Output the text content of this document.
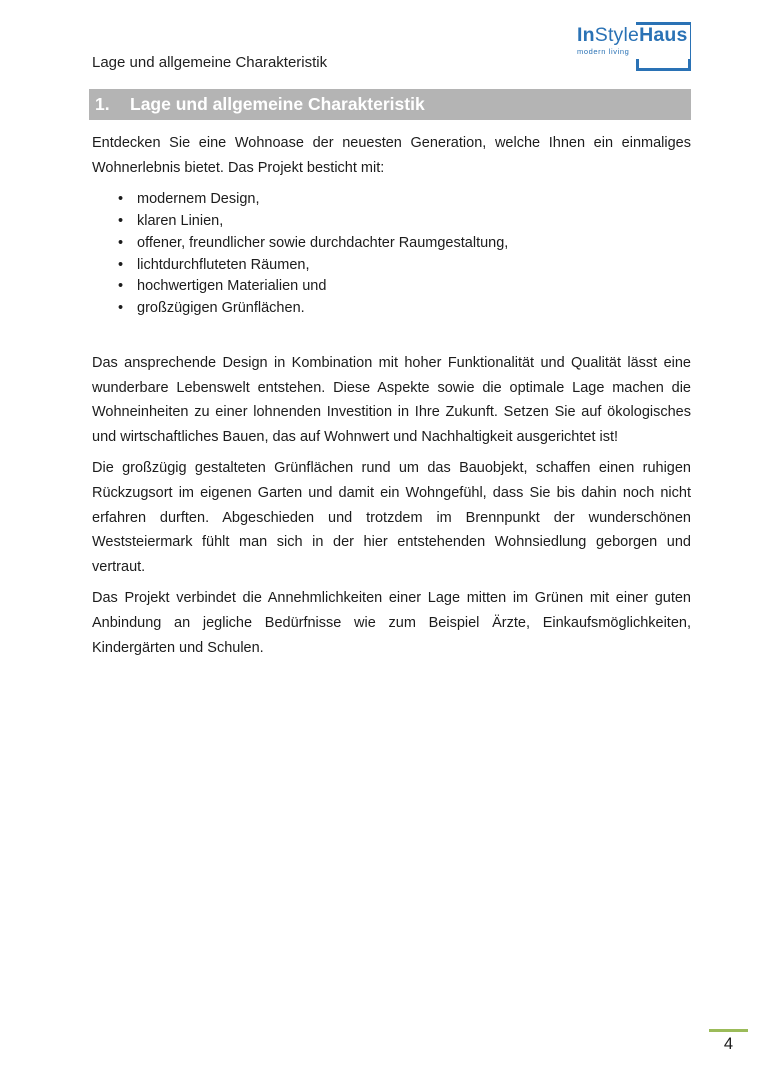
InStyleHaus
modern living
Lage und allgemeine Charakteristik
1.	Lage und allgemeine Charakteristik

Entdecken Sie eine Wohnoase der neuesten Generation, welche Ihnen ein einmaliges Wohnerlebnis bietet. Das Projekt besticht mit:

• modernem Design,
• klaren Linien,
• offener, freundlicher sowie durchdachter Raumgestaltung,
• lichtdurchfluteten Räumen,
• hochwertigen Materialien und
• großzügigen Grünflächen.

Das ansprechende Design in Kombination mit hoher Funktionalität und Qualität lässt eine wunderbare Lebenswelt entstehen. Diese Aspekte sowie die optimale Lage machen die Wohneinheiten zu einer lohnenden Investition in Ihre Zukunft. Setzen Sie auf ökologisches und wirtschaftliches Bauen, das auf Wohnwert und Nachhaltigkeit ausgerichtet ist!

Die großzügig gestalteten Grünflächen rund um das Bauobjekt, schaffen einen ruhigen Rückzugsort im eigenen Garten und damit ein Wohngefühl, dass Sie bis dahin noch nicht erfahren durften. Abgeschieden und trotzdem im Brennpunkt der wunderschönen Weststeiermark fühlt man sich in der hier entstehenden Wohnsiedlung geborgen und vertraut.

Das Projekt verbindet die Annehmlichkeiten einer Lage mitten im Grünen mit einer guten Anbindung an jegliche Bedürfnisse wie zum Beispiel Ärzte, Einkaufsmöglichkeiten, Kindergärten und Schulen.

4
